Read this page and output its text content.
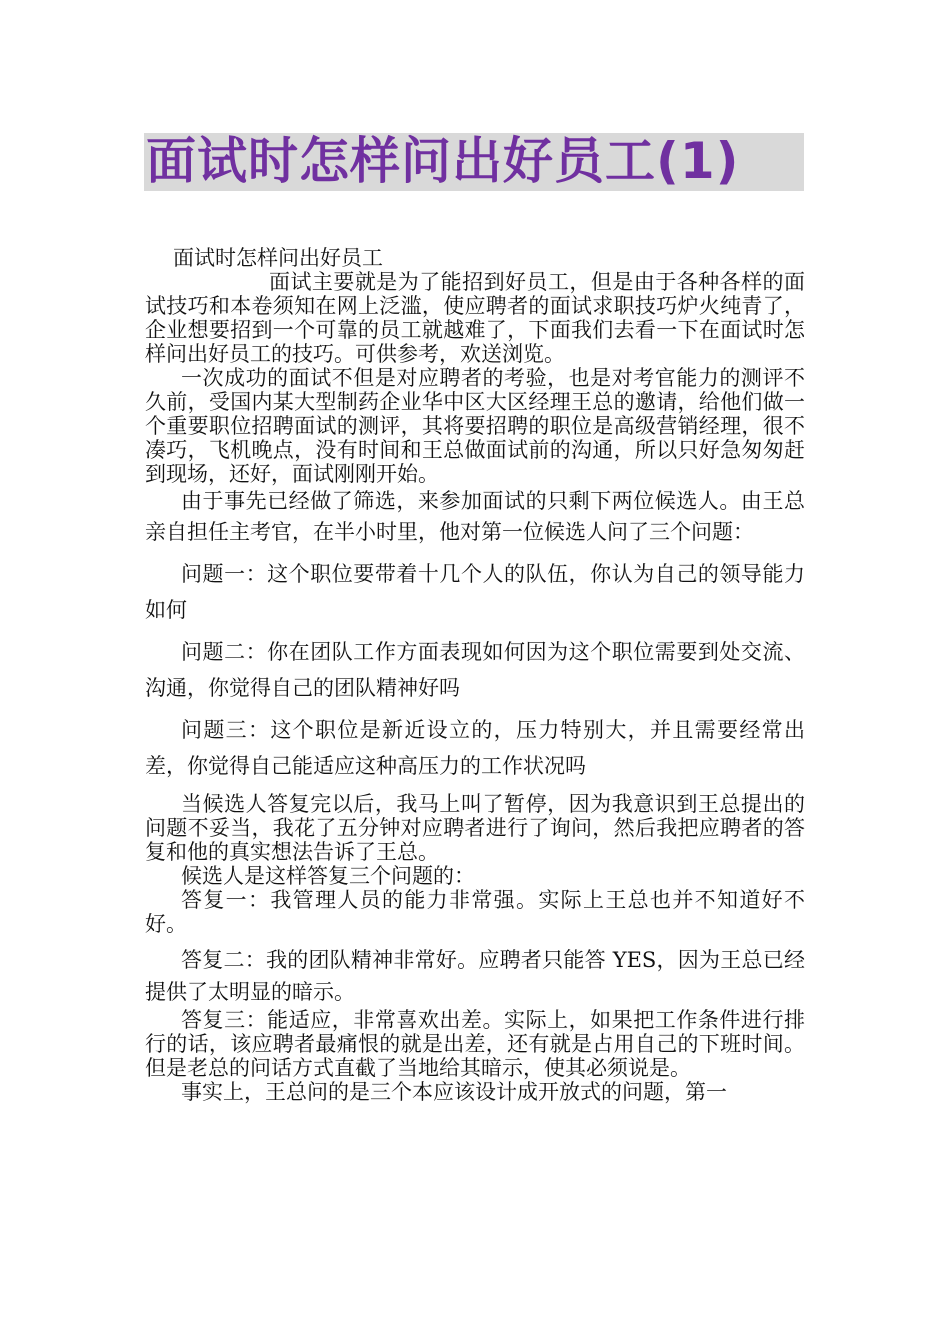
面试时怎样问出好员工(1)

面试时怎样问出好员工

面试主要就是为了能招到好员工，但是由于各种各样的面试技巧和本卷须知在网上泛滥，使应聘者的面试求职技巧炉火纯青了，企业想要招到一个可靠的员工就越难了，下面我们去看一下在面试时怎样问出好员工的技巧。可供参考，欢送浏览。

一次成功的面试不但是对应聘者的考验，也是对考官能力的测评不久前，受国内某大型制药企业华中区大区经理王总的邀请，给他们做一个重要职位招聘面试的测评，其将要招聘的职位是高级营销经理，很不凑巧，飞机晚点，没有时间和王总做面试前的沟通，所以只好急匆匆赶到现场，还好，面试刚刚开始。

由于事先已经做了筛选，来参加面试的只剩下两位候选人。由王总亲自担任主考官，在半小时里，他对第一位候选人问了三个问题：

问题一：这个职位要带着十几个人的队伍，你认为自己的领导能力如何

问题二：你在团队工作方面表现如何因为这个职位需要到处交流、沟通，你觉得自己的团队精神好吗

问题三：这个职位是新近设立的，压力特别大，并且需要经常出差，你觉得自己能适应这种高压力的工作状况吗

当候选人答复完以后，我马上叫了暂停，因为我意识到王总提出的问题不妥当，我花了五分钟对应聘者进行了询问，然后我把应聘者的答复和他的真实想法告诉了王总。

候选人是这样答复三个问题的：

答复一：我管理人员的能力非常强。实际上王总也并不知道好不好。

答复二：我的团队精神非常好。应聘者只能答 YES，因为王总已经提供了太明显的暗示。

答复三：能适应，非常喜欢出差。实际上，如果把工作条件进行排行的话，该应聘者最痛恨的就是出差，还有就是占用自己的下班时间。但是老总的问话方式直截了当地给其暗示，使其必须说是。

事实上，王总问的是三个本应该设计成开放式的问题，第一
